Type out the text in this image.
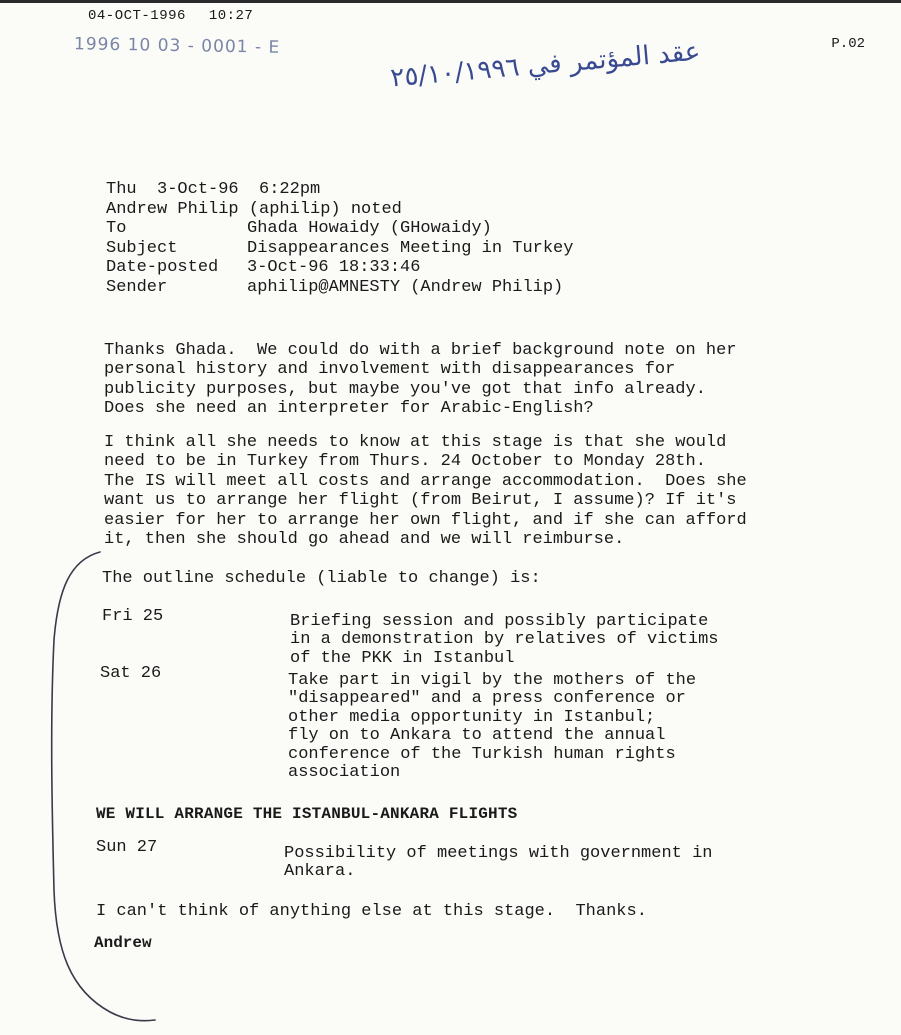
04-OCT-1996 10:27
P.02
1996 10 03 - 0001 - E
عقد المؤتمر في ٢٥/١٠/١٩٩٦
Thu  3-Oct-96  6:22pm
Andrew Philip (aphilip) noted
To	Ghada Howaidy (GHowaidy)
Subject	Disappearances Meeting in Turkey
Date-posted 3-Oct-96 18:33:46
Sender	aphilip@AMNESTY (Andrew Philip)
Thanks Ghada.  We could do with a brief background note on her
personal history and involvement with disappearances for
publicity purposes, but maybe you've got that info already.
Does she need an interpreter for Arabic-English?
I think all she needs to know at this stage is that she would
need to be in Turkey from Thurs. 24 October to Monday 28th.
The IS will meet all costs and arrange accommodation.  Does she
want us to arrange her flight (from Beirut, I assume)? If it's
easier for her to arrange her own flight, and if she can afford
it, then she should go ahead and we will reimburse.
The outline schedule (liable to change) is:
Fri 25	Briefing session and possibly participate
in a demonstration by relatives of victims
of the PKK in Istanbul
Sat 26	Take part in vigil by the mothers of the
"disappeared" and a press conference or
other media opportunity in Istanbul;
fly on to Ankara to attend the annual
conference of the Turkish human rights
association
WE WILL ARRANGE THE ISTANBUL-ANKARA FLIGHTS
Sun 27	Possibility of meetings with government in
Ankara.
I can't think of anything else at this stage.  Thanks.
Andrew
